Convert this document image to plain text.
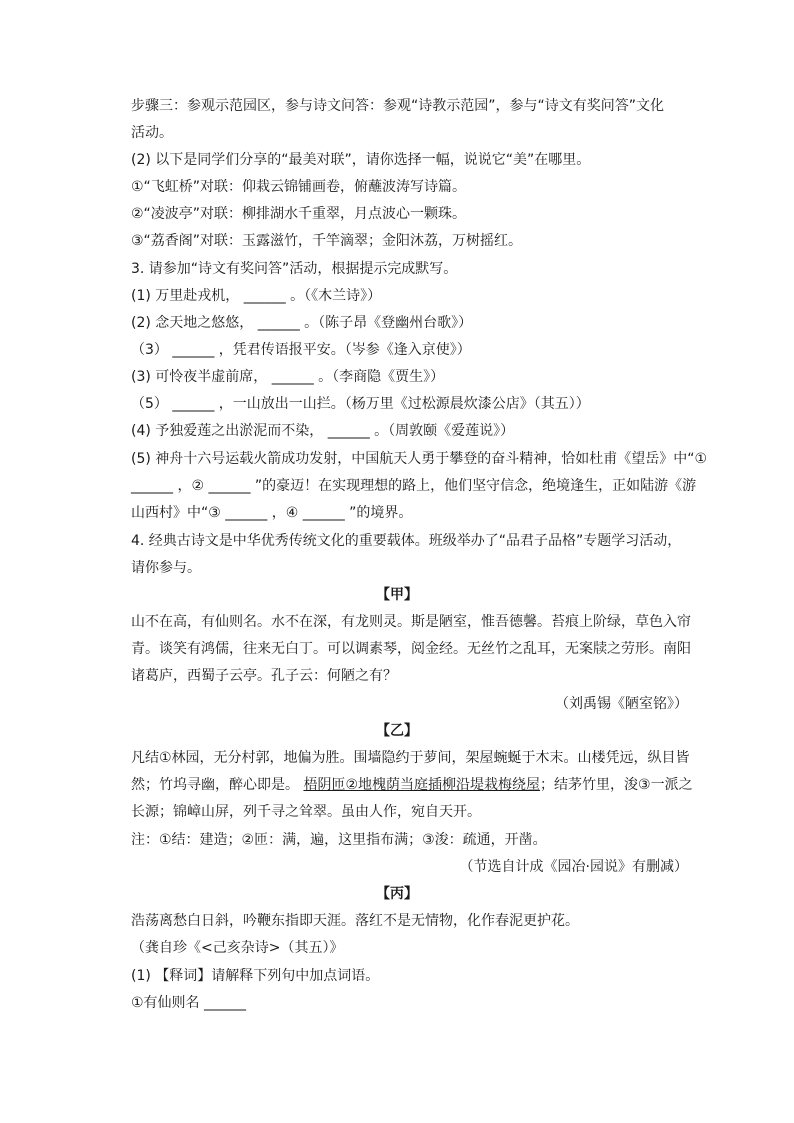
步骤三：参观示范园区，参与诗文问答：参观“诗教示范园”，参与“诗文有奖问答”文化
活动。
(2) 以下是同学们分享的“最美对联”，请你选择一幅，说说它“美”在哪里。
①“飞虹桥”对联：仰栽云锦铺画卷，俯蘸波涛写诗篇。
②“凌波亭”对联：柳排湖水千重翠，月点波心一颗珠。
③“荔香阁”对联：玉露滋竹，千竿滴翠；金阳沐荔，万树摇红。
3. 请参加“诗文有奖问答”活动，根据提示完成默写。
(1) 万里赴戎机， ______ 。（《木兰诗》）
(2) 念天地之悠悠， ______ 。（陈子昂《登幽州台歌》）
（3） ______ ，凭君传语报平安。（岑参《逢入京使》）
(3) 可怜夜半虚前席， ______ 。（李商隐《贾生》）
（5） ______ ，一山放出一山拦。（杨万里《过松源晨炊漆公店》（其五））
(4) 予独爱莲之出淤泥而不染， ______ 。（周敦颐《爱莲说》）
(5) 神舟十六号运载火箭成功发射，中国航天人勇于攀登的奋斗精神，恰如杜甫《望岳》中“①
______ ，② ______ ”的豪迈！在实现理想的路上，他们坚守信念，绝境逢生，正如陆游《游
山西村》中“③ ______ ，④ ______ ”的境界。
4. 经典古诗文是中华优秀传统文化的重要载体。班级举办了“品君子品格”专题学习活动，
请你参与。
【甲】
山不在高，有仙则名。水不在深，有龙则灵。斯是陋室，惟吾德馨。苔痕上阶绿，草色入帘
青。谈笑有鸿儒，往来无白丁。可以调素琴，阅金经。无丝竹之乱耳，无案牍之劳形。南阳
诸葛庐，西蜀子云亭。孔子云：何陋之有？
（刘禹锡《陋室铭》）
【乙】
凡结①林园，无分村郭，地偏为胜。围墙隐约于萝间，架屋蜿蜒于木末。山楼凭远，纵目皆
然；竹坞寻幽，醉心即是。 梧阴匝②地槐荫当庭插柳沿堤栽梅绕屋；结茅竹里，浚③一派之
长源；锦嶂山屏，列千寻之耸翠。虽由人作，宛自天开。
注：①结：建造；②匝：满，遍，这里指布满；③浚：疏通，开凿。
（节选自计成《园冶·园说》有删减）
【丙】
浩荡离愁白日斜，吟鞭东指即天涯。落红不是无情物，化作春泥更护花。
（龚自珍《<己亥杂诗>（其五）》
(1) 【释词】请解释下列句中加点词语。
①有仙则名 ______
